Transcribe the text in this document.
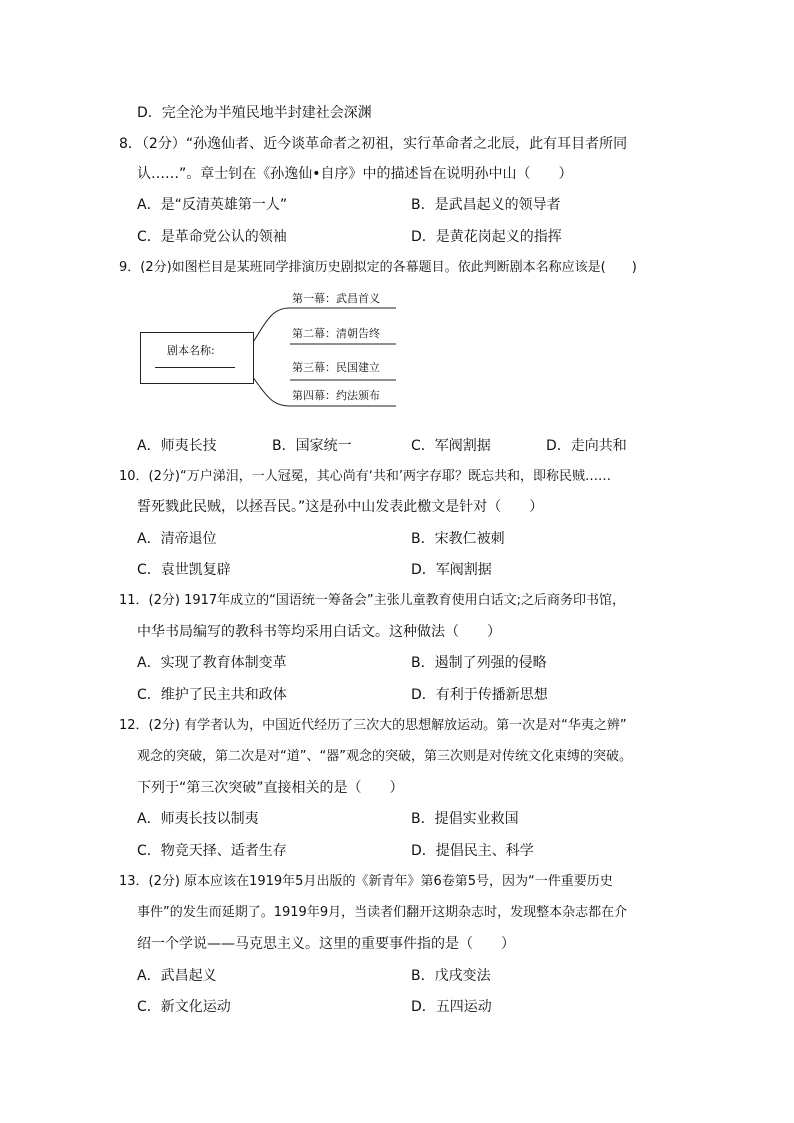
D．完全沦为半殖民地半封建社会深渊
8．（2分）“孙逸仙者、近今谈革命者之初祖，实行革命者之北辰，此有耳目者所同
认……”。章士钊在《孙逸仙•自序》中的描述旨在说明孙中山（　　）
A．是“反清英雄第一人”	B．是武昌起义的领导者
C．是革命党公认的领袖	D．是黄花岗起义的指挥
9．(2分)如图栏目是某班同学排演历史剧拟定的各幕题目。依此判断剧本名称应该是(　　)
剧本名称:
第一幕：武昌首义
第二幕：清朝告终
第三幕：民国建立
第四幕：约法颁布
A．师夷长技	B．国家统一	C．军阀割据	D．走向共和
10．(2分)“万户涕泪，一人冠冕，其心尚有‘共和’两字存耶？既忘共和，即称民贼……
誓死戮此民贼，以拯吾民。”这是孙中山发表此檄文是针对（　　）
A．清帝退位	B．宋教仁被刺
C．袁世凯复辟	D．军阀割据
11．(2分) 1917年成立的“国语统一筹备会”主张儿童教育使用白话文;之后商务印书馆，
中华书局编写的教科书等均采用白话文。这种做法（　　）
A．实现了教育体制变革	B．遏制了列强的侵略
C．维护了民主共和政体	D．有利于传播新思想
12．(2分) 有学者认为，中国近代经历了三次大的思想解放运动。第一次是对“华夷之辨”
观念的突破，第二次是对“道”、“器”观念的突破，第三次则是对传统文化束缚的突破。
下列于“第三次突破”直接相关的是（　　）
A．师夷长技以制夷	B．提倡实业救国
C．物竞天择、适者生存	D．提倡民主、科学
13．(2分) 原本应该在1919年5月出版的《新青年》第6卷第5号，因为“一件重要历史
事件”的发生而延期了。1919年9月，当读者们翻开这期杂志时，发现整本杂志都在介
绍一个学说——马克思主义。这里的重要事件指的是（　　）
A．武昌起义	B．戊戌变法
C．新文化运动	D．五四运动
